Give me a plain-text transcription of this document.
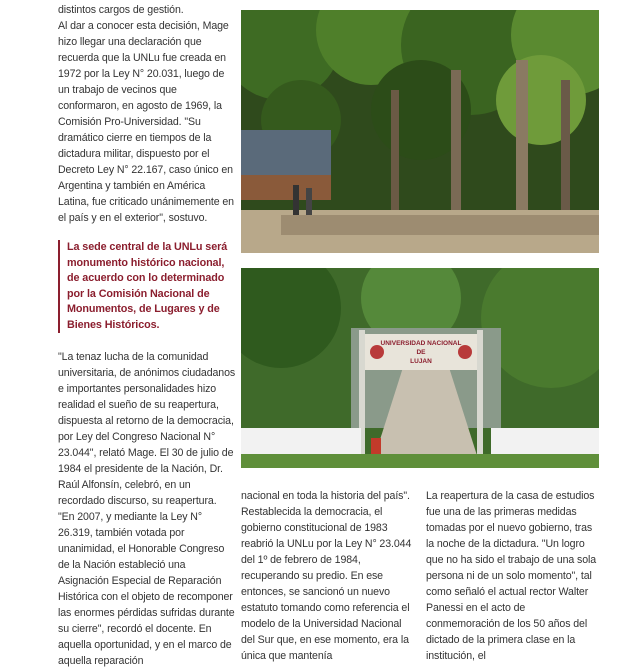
distintos cargos de gestión.

Al dar a conocer esta decisión, Mage hizo llegar una declaración que recuerda que la UNLu fue creada en 1972 por la Ley N° 20.031, luego de un trabajo de vecinos que conformaron, en agosto de 1969, la Comisión Pro-Universidad. "Su dramático cierre en tiempos de la dictadura militar, dispuesto por el Decreto Ley N° 22.167, caso único en Argentina y también en América Latina, fue criticado unánimemente en el país y en el exterior", sostuvo.

La sede central de la UNLu será monumento histórico nacional, de acuerdo con lo determinado por la Comisión Nacional de Monumentos, de Lugares y de Bienes Históricos.

"La tenaz lucha de la comunidad universitaria, de anónimos ciudadanos e importantes personalidades hizo realidad el sueño de su reapertura, dispuesta al retorno de la democracia, por Ley del Congreso Nacional N° 23.044", relató Mage. El 30 de julio de 1984 el presidente de la Nación, Dr. Raúl Alfonsín, celebró, en un recordado discurso, su reapertura.

"En 2007, y mediante la Ley N° 26.319, también votada por unanimidad, el Honorable Congreso de la Nación estableció una Asignación Especial de Reparación Histórica con el objeto de recomponer las enormes pérdidas sufridas durante su cierre", recordó el docente. En aquella oportunidad, y en el marco de aquella reparación

UNIVERSIDAD NACIONAL
DE
LUJAN

nacional en toda la historia del país".

Restablecida la democracia, el gobierno constitucional de 1983 reabrió la UNLu por la Ley N° 23.044 del 1º de febrero de 1984, recuperando su predio. En ese entonces, se sancionó un nuevo estatuto tomando como referencia el modelo de la Universidad Nacional del Sur que, en ese momento, era la única que mantenía

La reapertura de la casa de estudios fue una de las primeras medidas tomadas por el nuevo gobierno, tras la noche de la dictadura. "Un logro que no ha sido el trabajo de una sola persona ni de un solo momento", tal como señaló el actual rector Walter Panessi en el acto de conmemoración de los 50 años del dictado de la primera clase en la institución, el
